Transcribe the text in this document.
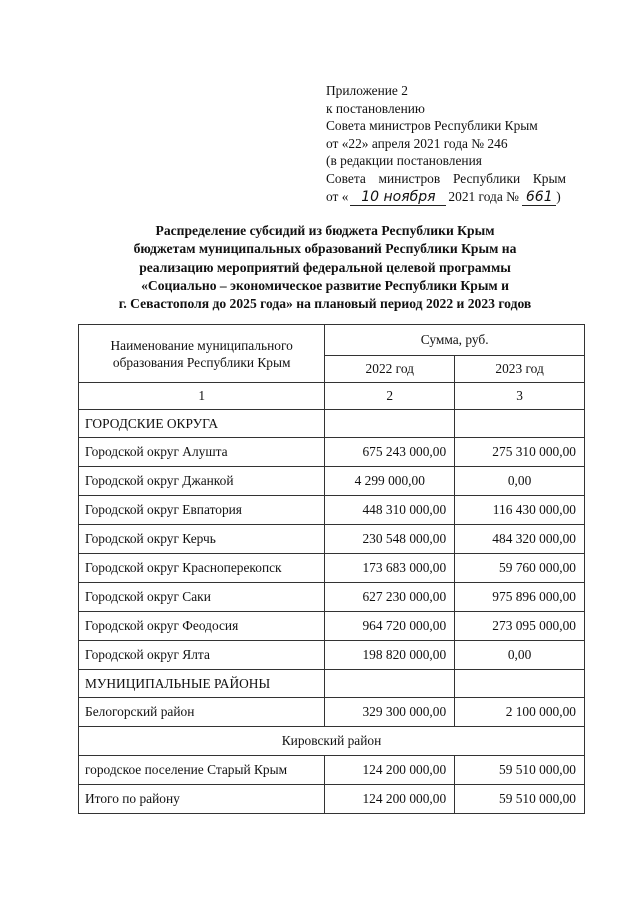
Приложение 2
к постановлению
Совета министров Республики Крым
от «22» апреля 2021 года № 246
(в редакции постановления
Совета министров Республики Крым
от « 10 ноября 2021 года № 661 )
Распределение субсидий из бюджета Республики Крым
бюджетам муниципальных образований Республики Крым на
реализацию мероприятий федеральной целевой программы
«Социально – экономическое развитие Республики Крым и
г. Севастополя до 2025 года» на плановый период 2022 и 2023 годов
Наименование муниципального образования Республики Крым	Сумма, руб.	
	2022 год	2023 год
1	2	3
ГОРОДСКИЕ ОКРУГА		
Городской округ Алушта	675 243 000,00	275 310 000,00
Городской округ Джанкой	4 299 000,00	0,00
Городской округ Евпатория	448 310 000,00	116 430 000,00
Городской округ Керчь	230 548 000,00	484 320 000,00
Городской округ Красноперекопск	173 683 000,00	59 760 000,00
Городской округ Саки	627 230 000,00	975 896 000,00
Городской округ Феодосия	964 720 000,00	273 095 000,00
Городской округ Ялта	198 820 000,00	0,00
МУНИЦИПАЛЬНЫЕ РАЙОНЫ		
Белогорский район	329 300 000,00	2 100 000,00
Кировский район		
городское поселение Старый Крым	124 200 000,00	59 510 000,00
Итого по району	124 200 000,00	59 510 000,00
